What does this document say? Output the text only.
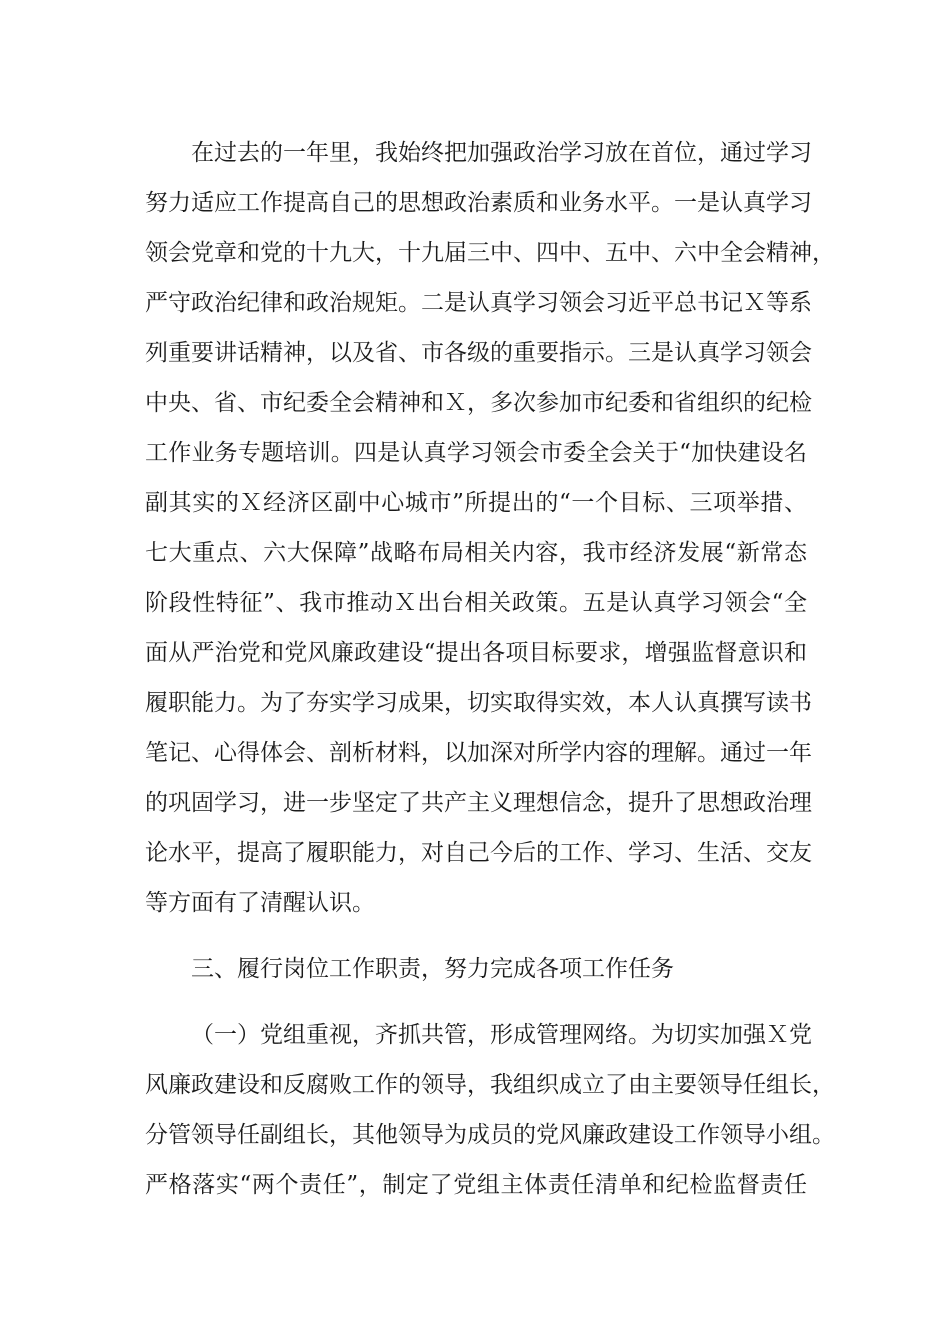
在过去的一年里，我始终把加强政治学习放在首位，通过学习
努力适应工作提高自己的思想政治素质和业务水平。一是认真学习
领会党章和党的十九大，十九届三中、四中、五中、六中全会精神，
严守政治纪律和政治规矩。二是认真学习领会习近平总书记Ｘ等系
列重要讲话精神，以及省、市各级的重要指示。三是认真学习领会
中央、省、市纪委全会精神和Ｘ，多次参加市纪委和省组织的纪检
工作业务专题培训。四是认真学习领会市委全会关于“加快建设名
副其实的Ｘ经济区副中心城市”所提出的“一个目标、三项举措、
七大重点、六大保障”战略布局相关内容，我市经济发展“新常态
阶段性特征”、我市推动Ｘ出台相关政策。五是认真学习领会“全
面从严治党和党风廉政建设“提出各项目标要求，增强监督意识和
履职能力。为了夯实学习成果，切实取得实效，本人认真撰写读书
笔记、心得体会、剖析材料，以加深对所学内容的理解。通过一年
的巩固学习，进一步坚定了共产主义理想信念，提升了思想政治理
论水平，提高了履职能力，对自己今后的工作、学习、生活、交友
等方面有了清醒认识。
三、履行岗位工作职责，努力完成各项工作任务
（一）党组重视，齐抓共管，形成管理网络。为切实加强Ｘ党
风廉政建设和反腐败工作的领导，我组织成立了由主要领导任组长，
分管领导任副组长，其他领导为成员的党风廉政建设工作领导小组。
严格落实“两个责任”，制定了党组主体责任清单和纪检监督责任
